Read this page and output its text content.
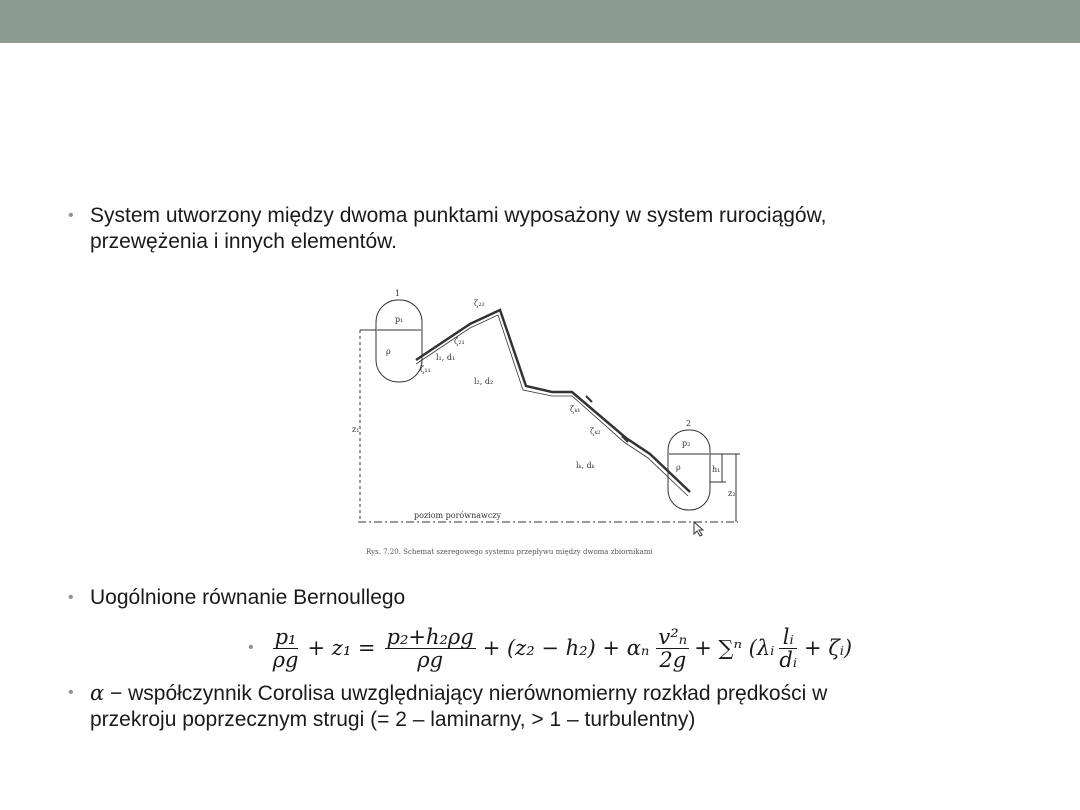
• System utworzony między dwoma punktami wyposażony w system rurociągów,
przewężenia i innych elementów.
1
p₁
ρ
2
p₂
ρ
l₁, d₁
l₂, d₂
lₖ, dₖ
ζ₂₂
ζ₂₁
ζ₁₁
ζₖ₁
ζₖ₂
z₁
z₂
h₁
poziom porównawczy
Rys. 7.20. Schemat szeregowego systemu przepływu między dwoma zbiornikami
• Uogólnione równanie Bernoullego
• $\frac{\text{p₁}}{\rho g} + z_1 = \frac{\text{p₂+h₂ρg}}{\rho g} + (z_2 - h_2) + \alpha_n \frac{\text{v²ₙ}}{2g} + \sum^n$ (λᵢ $\frac{\text{lᵢ}}{\text{dᵢ}}$ + ζᵢ)
• α − współczynnik Corolisa uwzględniający nierównomierny rozkład prędkości w
przekroju poprzecznym strugi (= 2 – laminarny, > 1 – turbulentny)
